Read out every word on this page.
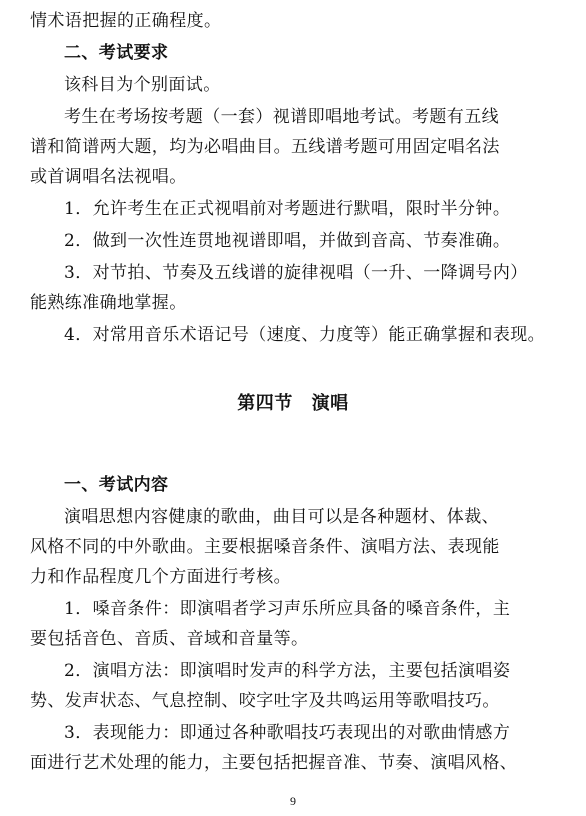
情术语把握的正确程度。
二、考试要求
该科目为个别面试。
考生在考场按考题（一套）视谱即唱地考试。考题有五线
谱和简谱两大题，均为必唱曲目。五线谱考题可用固定唱名法
或首调唱名法视唱。
1．允许考生在正式视唱前对考题进行默唱，限时半分钟。
2．做到一次性连贯地视谱即唱，并做到音高、节奏准确。
3．对节拍、节奏及五线谱的旋律视唱（一升、一降调号内）
能熟练准确地掌握。
4．对常用音乐术语记号（速度、力度等）能正确掌握和表现。
第四节　演唱
一、考试内容
演唱思想内容健康的歌曲，曲目可以是各种题材、体裁、
风格不同的中外歌曲。主要根据嗓音条件、演唱方法、表现能
力和作品程度几个方面进行考核。
1．嗓音条件：即演唱者学习声乐所应具备的嗓音条件，主
要包括音色、音质、音域和音量等。
2．演唱方法：即演唱时发声的科学方法，主要包括演唱姿
势、发声状态、气息控制、咬字吐字及共鸣运用等歌唱技巧。
3．表现能力：即通过各种歌唱技巧表现出的对歌曲情感方
面进行艺术处理的能力，主要包括把握音准、节奏、演唱风格、
9
